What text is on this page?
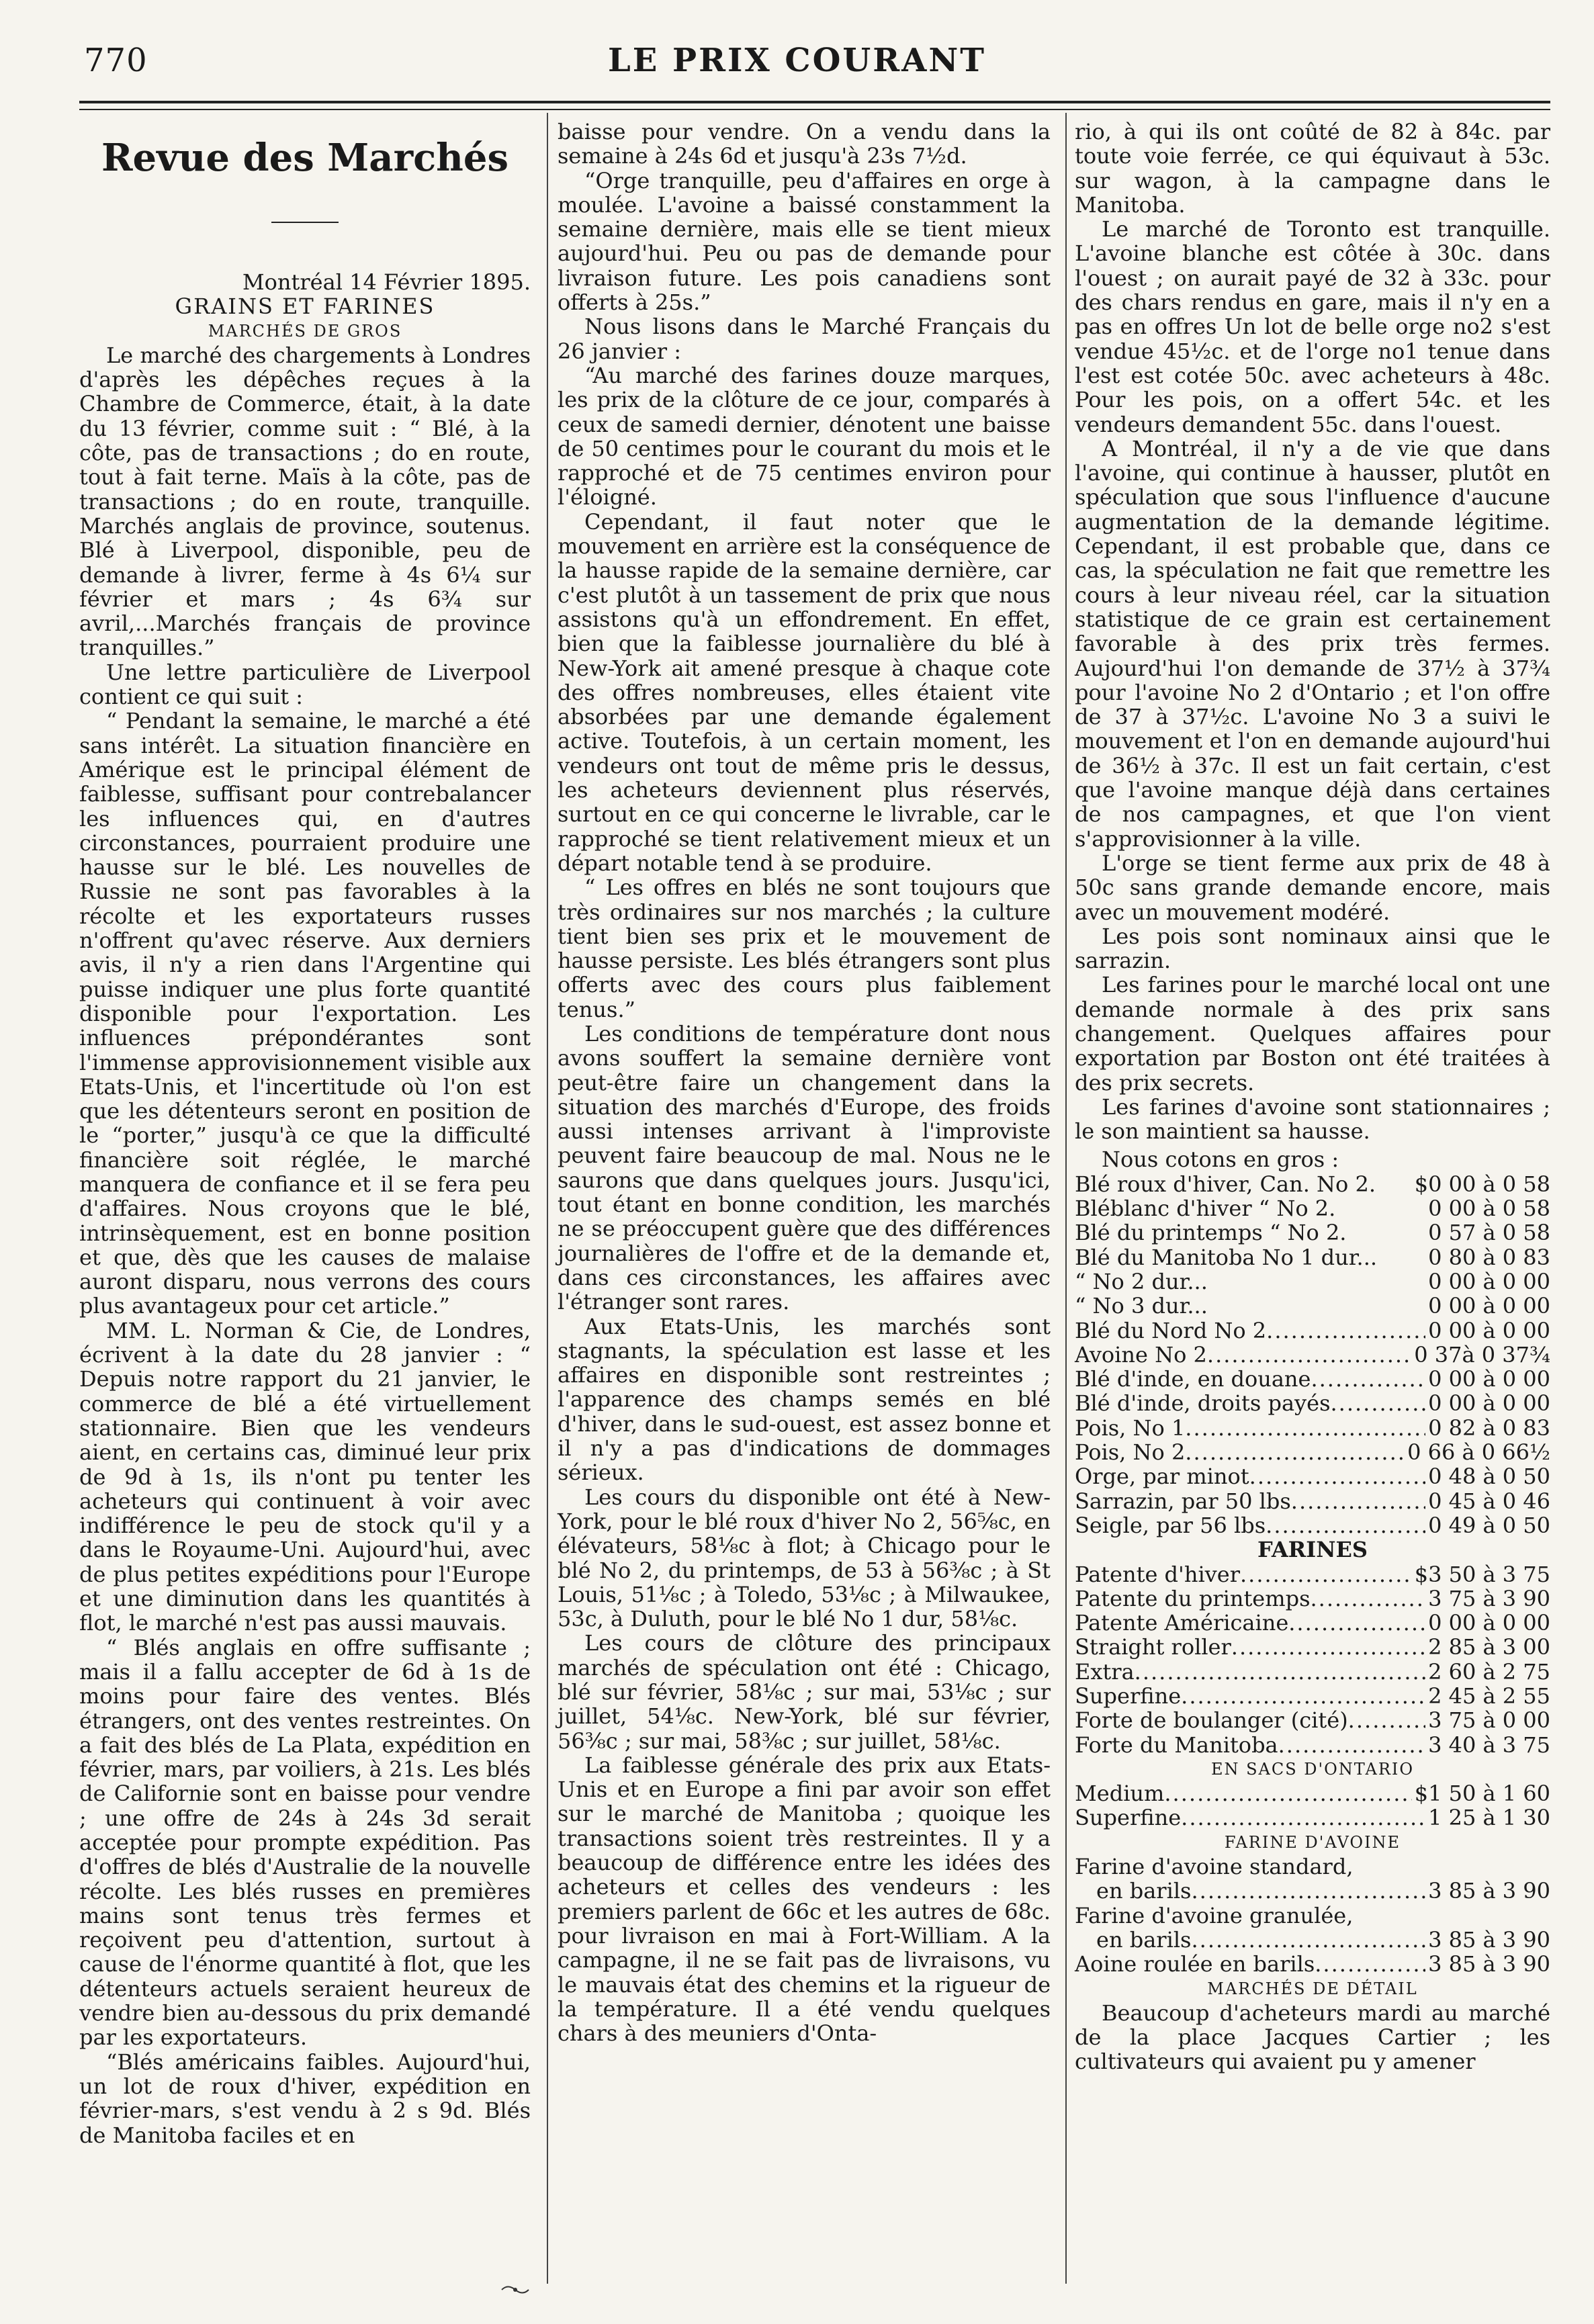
770	LE PRIX COURANT
Revue des Marchés

Montréal 14 Février 1895.

GRAINS ET FARINES

MARCHÉS DE GROS

Le marché des chargements à Londres d'après les dépêches reçues à la Chambre de Commerce, était, à la date du 13 février, comme suit : “ Blé, à la côte, pas de transactions ; do en route, tout à fait terne. Maïs à la côte, pas de transactions ; do en route, tranquille. Marchés anglais de province, soutenus. Blé à Liverpool, disponible, peu de demande à livrer, ferme à 4s 6¼ sur février et mars ; 4s 6¾ sur avril,...Marchés français de province tranquilles.”

Une lettre particulière de Liverpool contient ce qui suit :

“ Pendant la semaine, le marché a été sans intérêt. La situation financière en Amérique est le principal élément de faiblesse, suffisant pour contrebalancer les influences qui, en d'autres circonstances, pourraient produire une hausse sur le blé. Les nouvelles de Russie ne sont pas favorables à la récolte et les exportateurs russes n'offrent qu'avec réserve. Aux derniers avis, il n'y a rien dans l'Argentine qui puisse indiquer une plus forte quantité disponible pour l'exportation. Les influences prépondérantes sont l'immense approvisionnement visible aux Etats-Unis, et l'incertitude où l'on est que les détenteurs seront en position de le “porter,” jusqu'à ce que la difficulté financière soit réglée, le marché manquera de confiance et il se fera peu d'affaires. Nous croyons que le blé, intrinsèquement, est en bonne position et que, dès que les causes de malaise auront disparu, nous verrons des cours plus avantageux pour cet article.”

MM. L. Norman & Cie, de Londres, écrivent à la date du 28 janvier : “ Depuis notre rapport du 21 janvier, le commerce de blé a été virtuellement stationnaire. Bien que les vendeurs aient, en certains cas, diminué leur prix de 9d à 1s, ils n'ont pu tenter les acheteurs qui continuent à voir avec indifférence le peu de stock qu'il y a dans le Royaume-Uni. Aujourd'hui, avec de plus petites expéditions pour l'Europe et une diminution dans les quantités à flot, le marché n'est pas aussi mauvais.

“ Blés anglais en offre suffisante ; mais il a fallu accepter de 6d à 1s de moins pour faire des ventes. Blés étrangers, ont des ventes restreintes. On a fait des blés de La Plata, expédition en février, mars, par voiliers, à 21s. Les blés de Californie sont en baisse pour vendre ; une offre de 24s à 24s 3d serait acceptée pour prompte expédition. Pas d'offres de blés d'Australie de la nouvelle récolte. Les blés russes en premières mains sont tenus très fermes et reçoivent peu d'attention, surtout à cause de l'énorme quantité à flot, que les détenteurs actuels seraient heureux de vendre bien au-dessous du prix demandé par les exportateurs.

“Blés américains faibles. Aujourd'hui, un lot de roux d'hiver, expédition en février-mars, s'est vendu à 2 s 9d. Blés de Manitoba faciles et en

baisse pour vendre. On a vendu dans la semaine à 24s 6d et jusqu'à 23s 7½d.

“Orge tranquille, peu d'affaires en orge à moulée. L'avoine a baissé constamment la semaine dernière, mais elle se tient mieux aujourd'hui. Peu ou pas de demande pour livraison future. Les pois canadiens sont offerts à 25s.”

Nous lisons dans le Marché Français du 26 janvier :

“Au marché des farines douze marques, les prix de la clôture de ce jour, comparés à ceux de samedi dernier, dénotent une baisse de 50 centimes pour le courant du mois et le rapproché et de 75 centimes environ pour l'éloigné.

Cependant, il faut noter que le mouvement en arrière est la conséquence de la hausse rapide de la semaine dernière, car c'est plutôt à un tassement de prix que nous assistons qu'à un effondrement. En effet, bien que la faiblesse journalière du blé à New-York ait amené presque à chaque cote des offres nombreuses, elles étaient vite absorbées par une demande également active. Toutefois, à un certain moment, les vendeurs ont tout de même pris le dessus, les acheteurs deviennent plus réservés, surtout en ce qui concerne le livrable, car le rapproché se tient relativement mieux et un départ notable tend à se produire.

“ Les offres en blés ne sont toujours que très ordinaires sur nos marchés ; la culture tient bien ses prix et le mouvement de hausse persiste. Les blés étrangers sont plus offerts avec des cours plus faiblement tenus.”

Les conditions de température dont nous avons souffert la semaine dernière vont peut-être faire un changement dans la situation des marchés d'Europe, des froids aussi intenses arrivant à l'improviste peuvent faire beaucoup de mal. Nous ne le saurons que dans quelques jours. Jusqu'ici, tout étant en bonne condition, les marchés ne se préoccupent guère que des différences journalières de l'offre et de la demande et, dans ces circonstances, les affaires avec l'étranger sont rares.

Aux Etats-Unis, les marchés sont stagnants, la spéculation est lasse et les affaires en disponible sont restreintes ; l'apparence des champs semés en blé d'hiver, dans le sud-ouest, est assez bonne et il n'y a pas d'indications de dommages sérieux.

Les cours du disponible ont été à New-York, pour le blé roux d'hiver No 2, 56⅝c, en élévateurs, 58⅛c à flot; à Chicago pour le blé No 2, du printemps, de 53 à 56⅜c ; à St Louis, 51⅛c ; à Toledo, 53⅛c ; à Milwaukee, 53c, à Duluth, pour le blé No 1 dur, 58⅛c.

Les cours de clôture des principaux marchés de spéculation ont été : Chicago, blé sur février, 58⅛c ; sur mai, 53⅛c ; sur juillet, 54⅛c. New-York, blé sur février, 56⅜c ; sur mai, 58⅜c ; sur juillet, 58⅛c.

La faiblesse générale des prix aux Etats-Unis et en Europe a fini par avoir son effet sur le marché de Manitoba ; quoique les transactions soient très restreintes. Il y a beaucoup de différence entre les idées des acheteurs et celles des vendeurs : les premiers parlent de 66c et les autres de 68c. pour livraison en mai à Fort-William. A la campagne, il ne se fait pas de livraisons, vu le mauvais état des chemins et la rigueur de la température. Il a été vendu quelques chars à des meuniers d'Onta-

rio, à qui ils ont coûté de 82 à 84c. par toute voie ferrée, ce qui équivaut à 53c. sur wagon, à la campagne dans le Manitoba.

Le marché de Toronto est tranquille. L'avoine blanche est côtée à 30c. dans l'ouest ; on aurait payé de 32 à 33c. pour des chars rendus en gare, mais il n'y en a pas en offres Un lot de belle orge no2 s'est vendue 45½c. et de l'orge no1 tenue dans l'est est cotée 50c. avec acheteurs à 48c. Pour les pois, on a offert 54c. et les vendeurs demandent 55c. dans l'ouest.

A Montréal, il n'y a de vie que dans l'avoine, qui continue à hausser, plutôt en spéculation que sous l'influence d'aucune augmentation de la demande légitime. Cependant, il est probable que, dans ce cas, la spéculation ne fait que remettre les cours à leur niveau réel, car la situation statistique de ce grain est certainement favorable à des prix très fermes. Aujourd'hui l'on demande de 37½ à 37¾ pour l'avoine No 2 d'Ontario ; et l'on offre de 37 à 37½c. L'avoine No 3 a suivi le mouvement et l'on en demande aujourd'hui de 36½ à 37c. Il est un fait certain, c'est que l'avoine manque déjà dans certaines de nos campagnes, et que l'on vient s'approvisionner à la ville.

L'orge se tient ferme aux prix de 48 à 50c sans grande demande encore, mais avec un mouvement modéré.

Les pois sont nominaux ainsi que le sarrazin.

Les farines pour le marché local ont une demande normale à des prix sans changement. Quelques affaires pour exportation par Boston ont été traitées à des prix secrets.

Les farines d'avoine sont stationnaires ; le son maintient sa hausse.

Nous cotons en gros :

Blé roux d'hiver, Can. No 2. $0 00 à 0 58
Bléblanc d'hiver “ No 2.	0 00 à 0 58
Blé du printemps “ No 2.	0 57 à 0 58
Blé du Manitoba No 1 dur... 0 80 à 0 83
“ No 2 dur...	0 00 à 0 00
“ No 3 dur...	0 00 à 0 00
Blé du Nord No 2 .....	0 00 à 0 00
Avoine No 2 .....	0 37à 0 37¾
Blé d'inde, en douane .....	0 00 à 0 00
Blé d'inde, droits payés .....	0 00 à 0 00
Pois, No 1 .....	0 82 à 0 83
Pois, No 2 .....	0 66 à 0 66½
Orge, par minot .....	0 48 à 0 50
Sarrazin, par 50 lbs .....	0 45 à 0 46
Seigle, par 56 lbs .....	0 49 à 0 50

FARINES

Patente d'hiver .....	$3 50 à 3 75
Patente du printemps .....	3 75 à 3 90
Patente Américaine .....	0 00 à 0 00
Straight roller .....	2 85 à 3 00
Extra .....	2 60 à 2 75
Superfine .....	2 45 à 2 55
Forte de boulanger (cité) .....	3 75 à 0 00
Forte du Manitoba .....	3 40 à 3 75

EN SACS D'ONTARIO

Medium .....	$1 50 à 1 60
Superfine .....	1 25 à 1 30

FARINE D'AVOINE

Farine d'avoine standard,
en barils .....	3 85 à 3 90
Farine d'avoine granulée,
en barils .....	3 85 à 3 90
Aoine roulée en barils .....	3 85 à 3 90

MARCHÉS DE DÉTAIL

Beaucoup d'acheteurs mardi au marché de la place Jacques Cartier ; les cultivateurs qui avaient pu y amener
